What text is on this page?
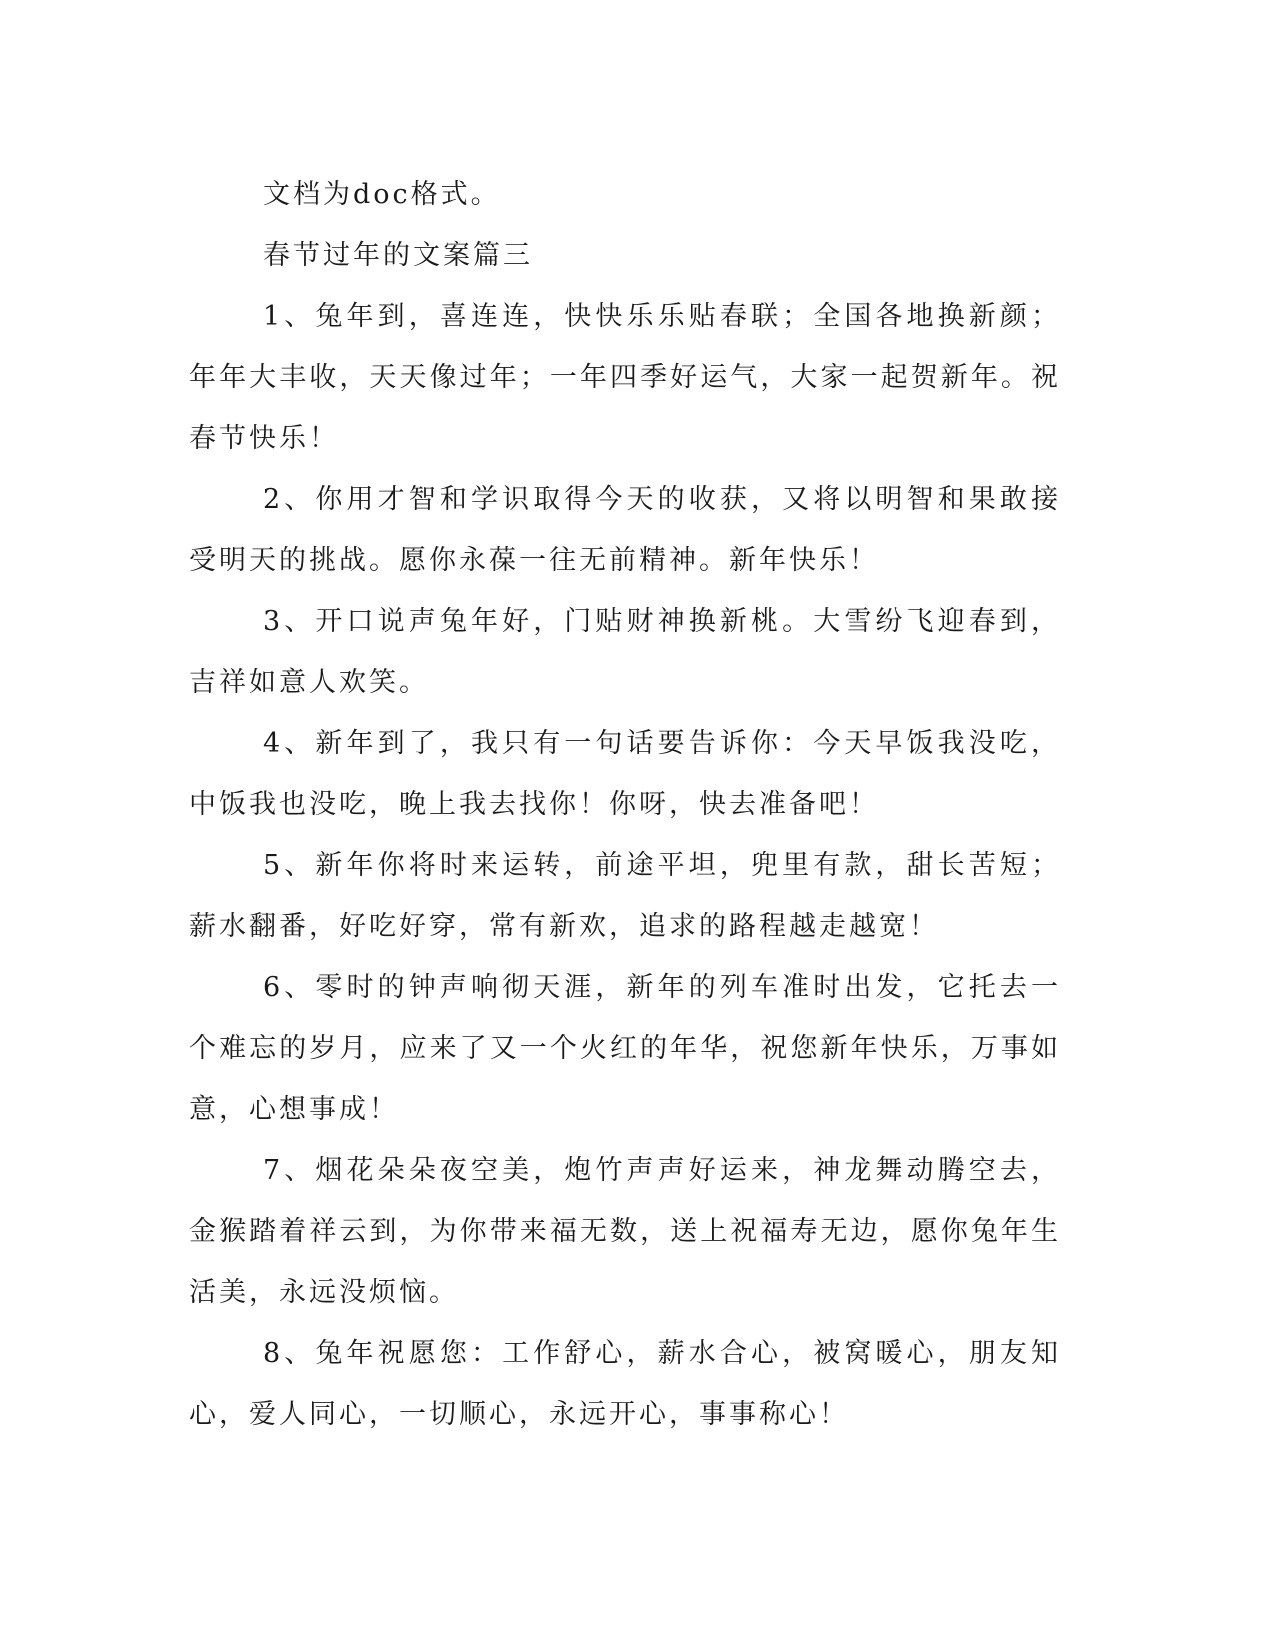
文档为doc格式。

春节过年的文案篇三

1、兔年到，喜连连，快快乐乐贴春联；全国各地换新颜；年年大丰收，天天像过年；一年四季好运气，大家一起贺新年。祝春节快乐！

2、你用才智和学识取得今天的收获，又将以明智和果敢接受明天的挑战。愿你永葆一往无前精神。新年快乐！

3、开口说声兔年好，门贴财神换新桃。大雪纷飞迎春到，吉祥如意人欢笑。

4、新年到了，我只有一句话要告诉你：今天早饭我没吃，中饭我也没吃，晚上我去找你！你呀，快去准备吧！

5、新年你将时来运转，前途平坦，兜里有款，甜长苦短；薪水翻番，好吃好穿，常有新欢，追求的路程越走越宽！

6、零时的钟声响彻天涯，新年的列车准时出发，它托去一个难忘的岁月，应来了又一个火红的年华，祝您新年快乐，万事如意，心想事成！

7、烟花朵朵夜空美，炮竹声声好运来，神龙舞动腾空去，金猴踏着祥云到，为你带来福无数，送上祝福寿无边，愿你兔年生活美，永远没烦恼。

8、兔年祝愿您：工作舒心，薪水合心，被窝暖心，朋友知心，爱人同心，一切顺心，永远开心，事事称心！
